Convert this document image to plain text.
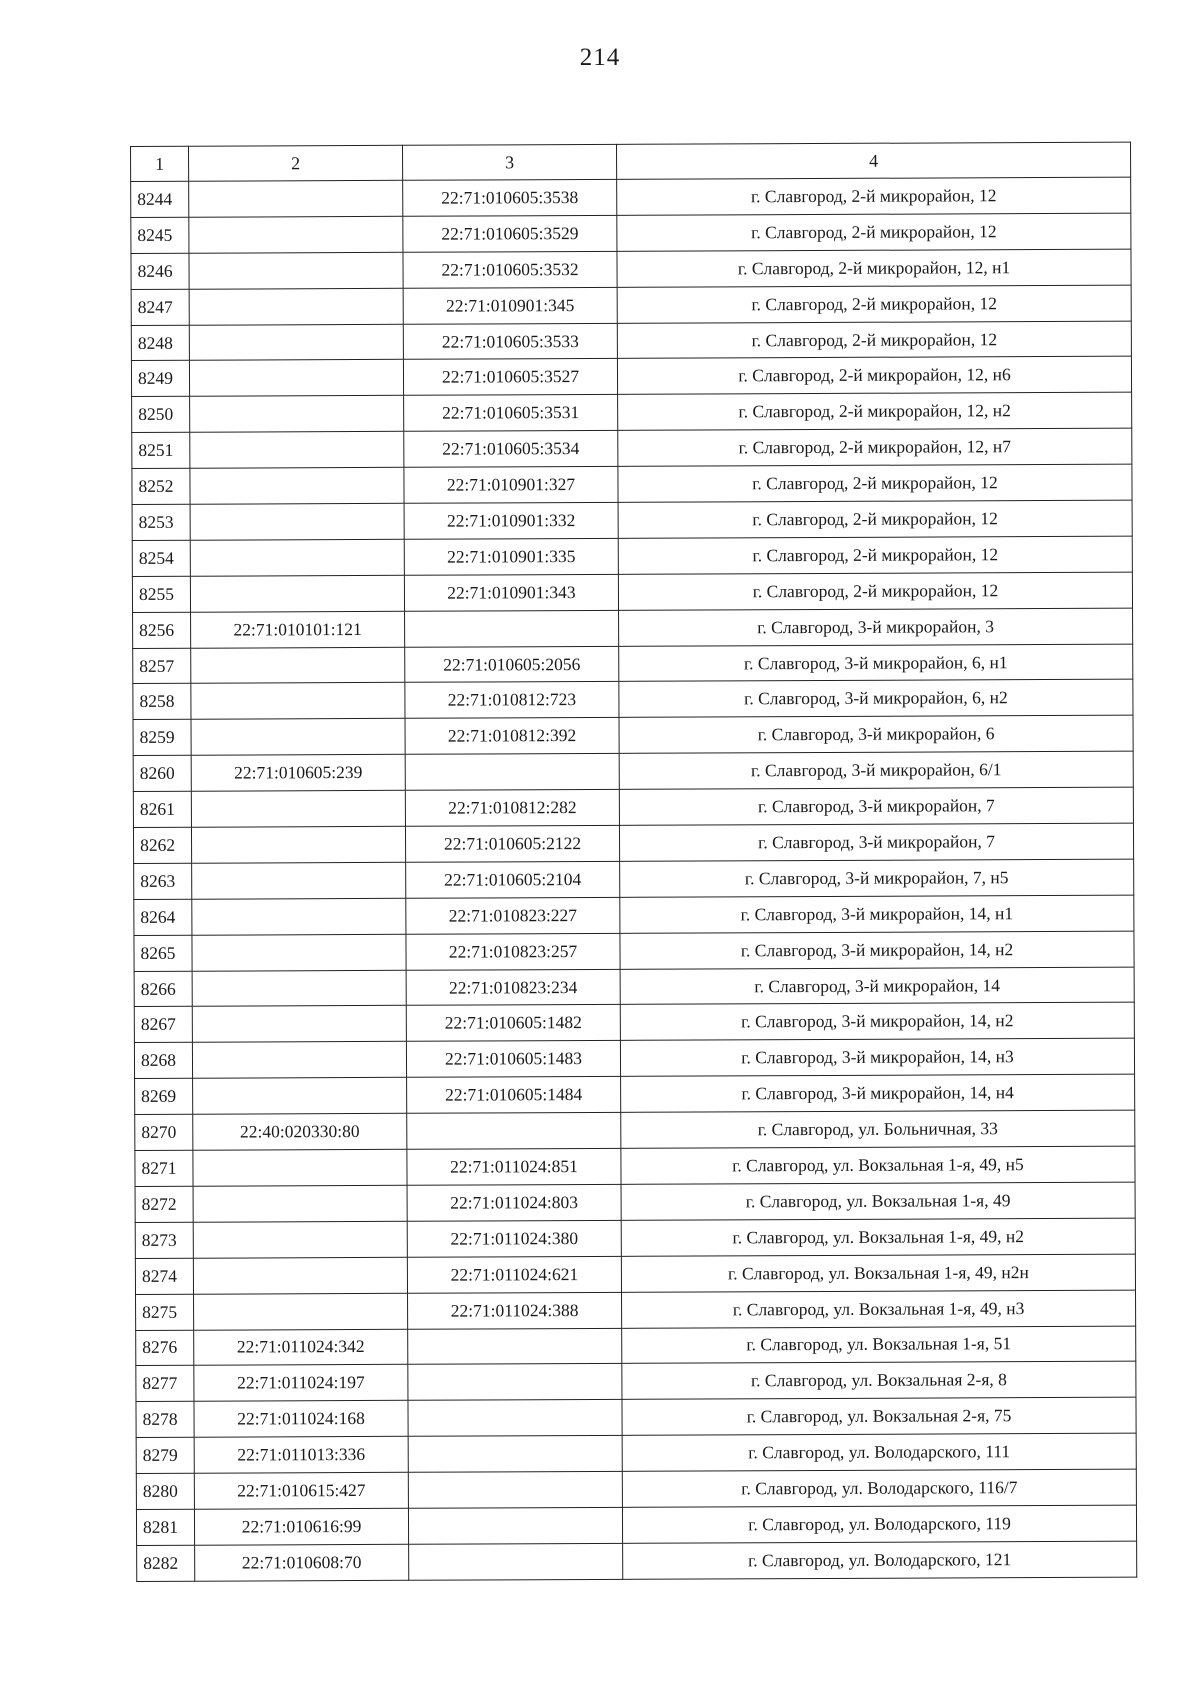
214
1	2	3	4
8244		22:71:010605:3538	г. Славгород, 2-й микрорайон, 12
8245		22:71:010605:3529	г. Славгород, 2-й микрорайон, 12
8246		22:71:010605:3532	г. Славгород, 2-й микрорайон, 12, н1
8247		22:71:010901:345	г. Славгород, 2-й микрорайон, 12
8248		22:71:010605:3533	г. Славгород, 2-й микрорайон, 12
8249		22:71:010605:3527	г. Славгород, 2-й микрорайон, 12, н6
8250		22:71:010605:3531	г. Славгород, 2-й микрорайон, 12, н2
8251		22:71:010605:3534	г. Славгород, 2-й микрорайон, 12, н7
8252		22:71:010901:327	г. Славгород, 2-й микрорайон, 12
8253		22:71:010901:332	г. Славгород, 2-й микрорайон, 12
8254		22:71:010901:335	г. Славгород, 2-й микрорайон, 12
8255		22:71:010901:343	г. Славгород, 2-й микрорайон, 12
8256	22:71:010101:121		г. Славгород, 3-й микрорайон, 3
8257		22:71:010605:2056	г. Славгород, 3-й микрорайон, 6, н1
8258		22:71:010812:723	г. Славгород, 3-й микрорайон, 6, н2
8259		22:71:010812:392	г. Славгород, 3-й микрорайон, 6
8260	22:71:010605:239		г. Славгород, 3-й микрорайон, 6/1
8261		22:71:010812:282	г. Славгород, 3-й микрорайон, 7
8262		22:71:010605:2122	г. Славгород, 3-й микрорайон, 7
8263		22:71:010605:2104	г. Славгород, 3-й микрорайон, 7, н5
8264		22:71:010823:227	г. Славгород, 3-й микрорайон, 14, н1
8265		22:71:010823:257	г. Славгород, 3-й микрорайон, 14, н2
8266		22:71:010823:234	г. Славгород, 3-й микрорайон, 14
8267		22:71:010605:1482	г. Славгород, 3-й микрорайон, 14, н2
8268		22:71:010605:1483	г. Славгород, 3-й микрорайон, 14, н3
8269		22:71:010605:1484	г. Славгород, 3-й микрорайон, 14, н4
8270	22:40:020330:80		г. Славгород, ул. Больничная, 33
8271		22:71:011024:851	г. Славгород, ул. Вокзальная 1-я, 49, н5
8272		22:71:011024:803	г. Славгород, ул. Вокзальная 1-я, 49
8273		22:71:011024:380	г. Славгород, ул. Вокзальная 1-я, 49, н2
8274		22:71:011024:621	г. Славгород, ул. Вокзальная 1-я, 49, н2н
8275		22:71:011024:388	г. Славгород, ул. Вокзальная 1-я, 49, н3
8276	22:71:011024:342		г. Славгород, ул. Вокзальная 1-я, 51
8277	22:71:011024:197		г. Славгород, ул. Вокзальная 2-я, 8
8278	22:71:011024:168		г. Славгород, ул. Вокзальная 2-я, 75
8279	22:71:011013:336		г. Славгород, ул. Володарского, 111
8280	22:71:010615:427		г. Славгород, ул. Володарского, 116/7
8281	22:71:010616:99		г. Славгород, ул. Володарского, 119
8282	22:71:010608:70		г. Славгород, ул. Володарского, 121
